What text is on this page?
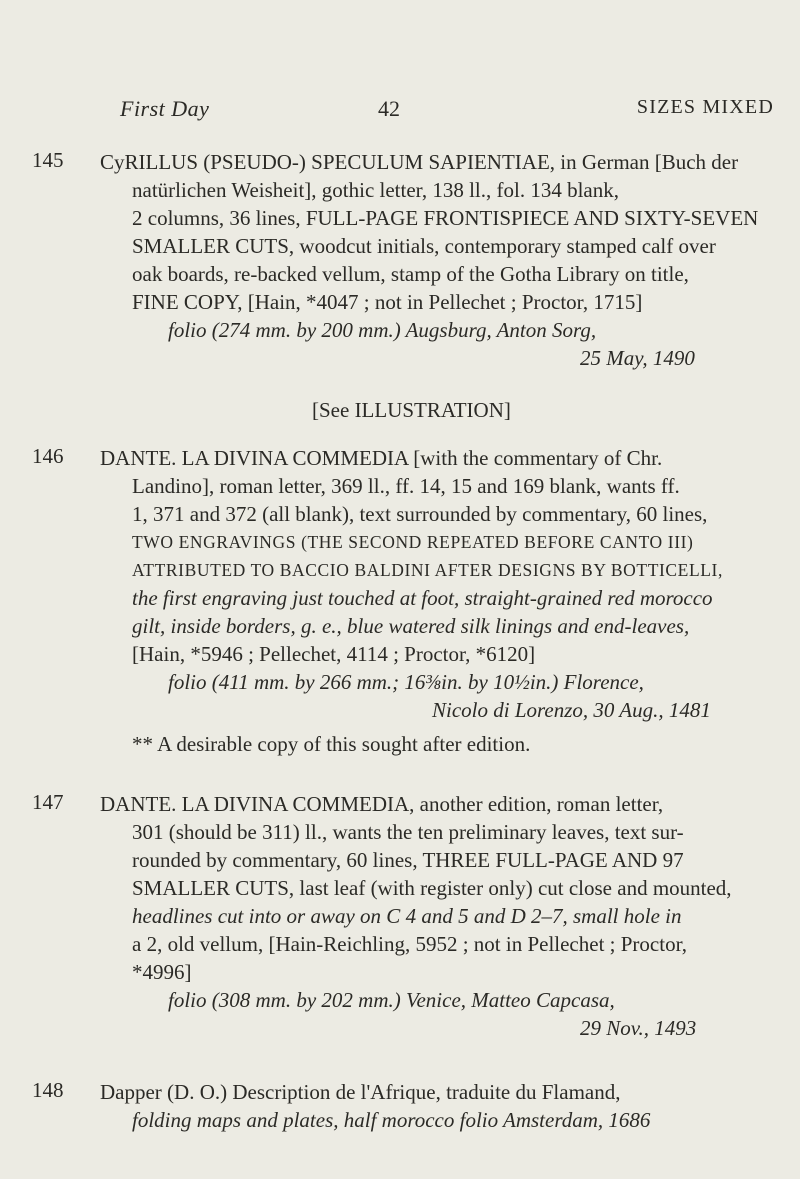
First Day	42	SIZES MIXED
145 CyRILLUS (PSEUDO-) SPECULUM SAPIENTIAE, in German [Buch der
natürlichen Weisheit], gothic letter, 138 ll., fol. 134 blank,
2 columns, 36 lines, FULL-PAGE FRONTISPIECE AND SIXTY-SEVEN
SMALLER CUTS, woodcut initials, contemporary stamped calf over
oak boards, re-backed vellum, stamp of the Gotha Library on title,
FINE COPY, [Hain, *4047 ; not in Pellechet ; Proctor, 1715]
folio (274 mm. by 200 mm.) Augsburg, Anton Sorg,
25 May, 1490
[See ILLUSTRATION]
146 DANTE. LA DIVINA COMMEDIA [with the commentary of Chr.
Landino], roman letter, 369 ll., ff. 14, 15 and 169 blank, wants ff.
1, 371 and 372 (all blank), text surrounded by commentary, 60 lines,
TWO ENGRAVINGS (THE SECOND REPEATED BEFORE CANTO III)
ATTRIBUTED TO BACCIO BALDINI AFTER DESIGNS BY BOTTICELLI,
the first engraving just touched at foot, straight-grained red morocco
gilt, inside borders, g. e., blue watered silk linings and end-leaves,
[Hain, *5946 ; Pellechet, 4114 ; Proctor, *6120]
folio (411 mm. by 266 mm.; 16⅜in. by 10½in.) Florence,
Nicolo di Lorenzo, 30 Aug., 1481
** A desirable copy of this sought after edition.
147 DANTE. LA DIVINA COMMEDIA, another edition, roman letter,
301 (should be 311) ll., wants the ten preliminary leaves, text sur-
rounded by commentary, 60 lines, THREE FULL-PAGE AND 97
SMALLER CUTS, last leaf (with register only) cut close and mounted,
headlines cut into or away on C 4 and 5 and D 2–7, small hole in
a 2, old vellum, [Hain-Reichling, 5952 ; not in Pellechet ; Proctor,
*4996]
folio (308 mm. by 202 mm.) Venice, Matteo Capcasa,
29 Nov., 1493
148 Dapper (D. O.) Description de l'Afrique, traduite du Flamand,
folding maps and plates, half morocco folio Amsterdam, 1686
